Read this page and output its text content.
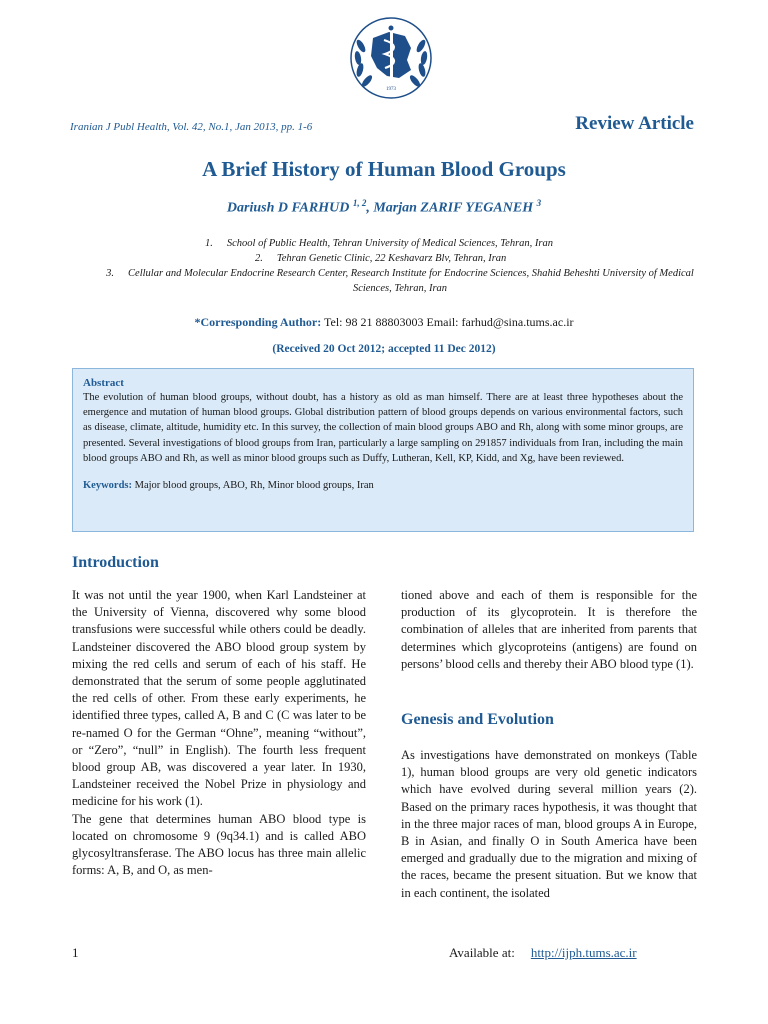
1973
Iranian J Publ Health, Vol. 42, No.1, Jan 2013, pp. 1-6	Review Article
A Brief History of Human Blood Groups
Dariush D FARHUD $^{1, 2}$, Marjan ZARIF YEGANEH $^3$
1. School of Public Health, Tehran University of Medical Sciences, Tehran, Iran
2. Tehran Genetic Clinic, 22 Keshavarz Blv, Tehran, Iran
3. Cellular and Molecular Endocrine Research Center, Research Institute for Endocrine Sciences, Shahid Beheshti University of Medical Sciences, Tehran, Iran
*Corresponding Author: Tel: 98 21 88803003 Email: farhud@sina.tums.ac.ir
(Received 20 Oct 2012; accepted 11 Dec 2012)
Abstract
The evolution of human blood groups, without doubt, has a history as old as man himself. There are at least three hypotheses about the emergence and mutation of human blood groups. Global distribution pattern of blood groups depends on various environmental factors, such as disease, climate, altitude, humidity etc. In this survey, the collection of main blood groups ABO and Rh, along with some minor groups, are presented. Several investigations of blood groups from Iran, particularly a large sampling on 291857 individuals from Iran, including the main blood groups ABO and Rh, as well as minor blood groups such as Duffy, Lutheran, Kell, KP, Kidd, and Xg, have been reviewed.
Keywords: Major blood groups, ABO, Rh, Minor blood groups, Iran
Introduction

It was not until the year 1900, when Karl Landsteiner at the University of Vienna, discovered why some blood transfusions were successful while others could be deadly. Landsteiner discovered the ABO blood group system by mixing the red cells and serum of each of his staff. He demonstrated that the serum of some people agglutinated the red cells of other. From these early experiments, he identified three types, called A, B and C (C was later to be re-named O for the German “Ohne”, meaning “without”, or “Zero”, “null” in English). The fourth less frequent blood group AB, was discovered a year later. In 1930, Landsteiner received the Nobel Prize in physiology and medicine for his work (1).

The gene that determines human ABO blood type is located on chromosome 9 (9q34.1) and is called ABO glycosyltransferase. The ABO locus has three main allelic forms: A, B, and O, as men-

tioned above and each of them is responsible for the production of its glycoprotein. It is therefore the combination of alleles that are inherited from parents that determines which glycoproteins (antigens) are found on persons’ blood cells and thereby their ABO blood type (1).

Genesis and Evolution

As investigations have demonstrated on monkeys (Table 1), human blood groups are very old genetic indicators which have evolved during several million years (2). Based on the primary races hypothesis, it was thought that in the three major races of man, blood groups A in Europe, B in Asian, and finally O in South America have been emerged and gradually due to the migration and mixing of the races, became the present situation. But we know that in each continent, the isolated

1	Available at: http://ijph.tums.ac.ir
